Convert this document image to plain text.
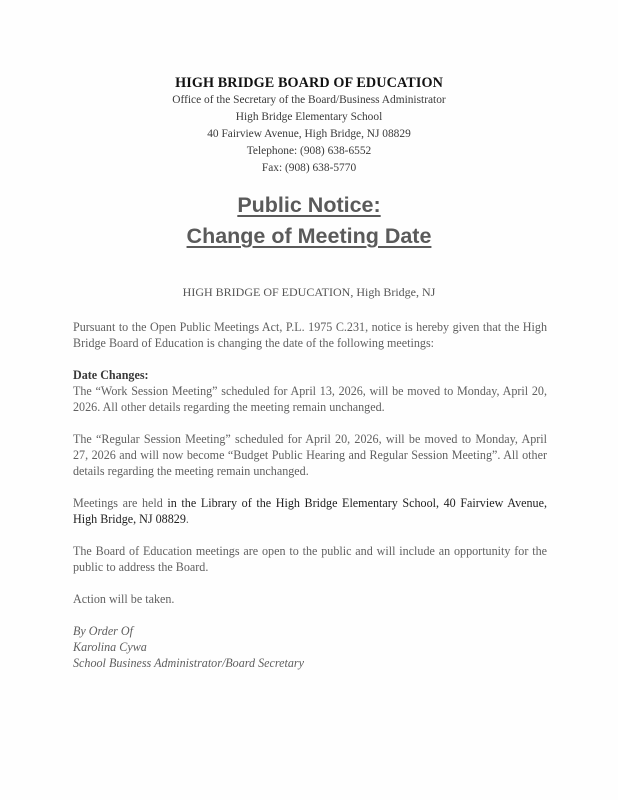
HIGH BRIDGE BOARD OF EDUCATION
Office of the Secretary of the Board/Business Administrator
High Bridge Elementary School
40 Fairview Avenue, High Bridge, NJ 08829
Telephone: (908) 638-6552
Fax: (908) 638-5770
Public Notice:
Change of Meeting Date
HIGH BRIDGE OF EDUCATION, High Bridge, NJ

Pursuant to the Open Public Meetings Act, P.L. 1975 C.231, notice is hereby given that the High Bridge Board of Education is changing the date of the following meetings:

Date Changes:

The “Work Session Meeting” scheduled for April 13, 2026, will be moved to Monday, April 20, 2026. All other details regarding the meeting remain unchanged.

The “Regular Session Meeting” scheduled for April 20, 2026, will be moved to Monday, April 27, 2026 and will now become “Budget Public Hearing and Regular Session Meeting”. All other details regarding the meeting remain unchanged.

Meetings are held in the Library of the High Bridge Elementary School, 40 Fairview Avenue, High Bridge, NJ 08829.

The Board of Education meetings are open to the public and will include an opportunity for the public to address the Board.

Action will be taken.

By Order Of
Karolina Cywa
School Business Administrator/Board Secretary
